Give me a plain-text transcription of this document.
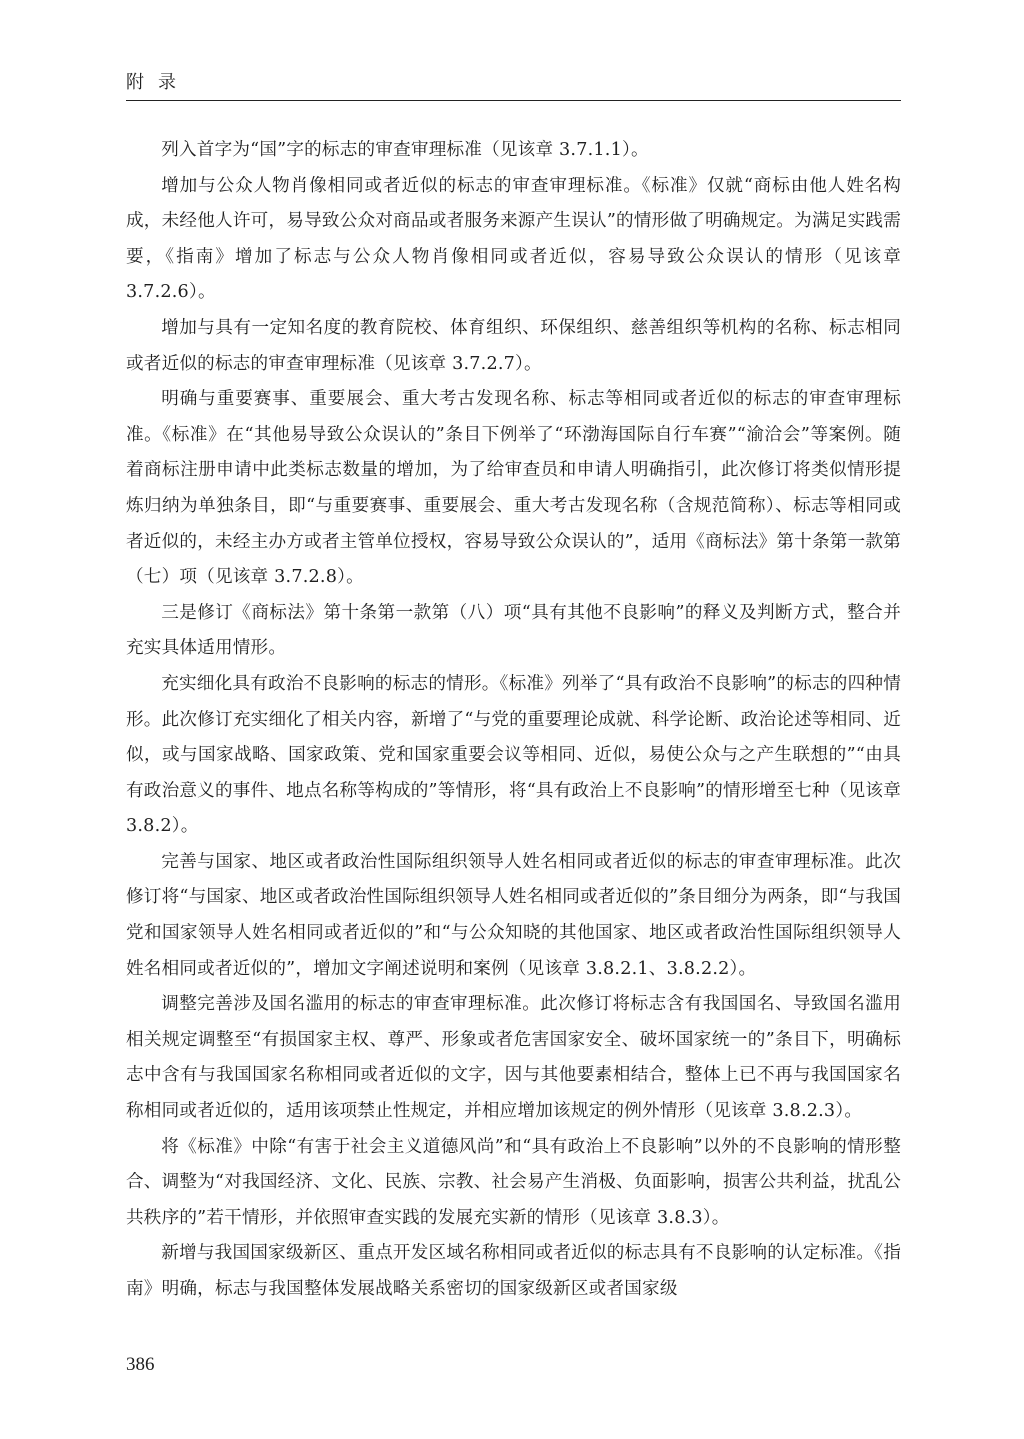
附录

列入首字为“国”字的标志的审查审理标准（见该章 3.7.1.1）。

增加与公众人物肖像相同或者近似的标志的审查审理标准。《标准》仅就“商标由他人姓名构成，未经他人许可，易导致公众对商品或者服务来源产生误认”的情形做了明确规定。为满足实践需要，《指南》增加了标志与公众人物肖像相同或者近似，容易导致公众误认的情形（见该章 3.7.2.6）。

增加与具有一定知名度的教育院校、体育组织、环保组织、慈善组织等机构的名称、标志相同或者近似的标志的审查审理标准（见该章 3.7.2.7）。

明确与重要赛事、重要展会、重大考古发现名称、标志等相同或者近似的标志的审查审理标准。《标准》在“其他易导致公众误认的”条目下例举了“环渤海国际自行车赛”“渝洽会”等案例。随着商标注册申请中此类标志数量的增加，为了给审查员和申请人明确指引，此次修订将类似情形提炼归纳为单独条目，即“与重要赛事、重要展会、重大考古发现名称（含规范简称）、标志等相同或者近似的，未经主办方或者主管单位授权，容易导致公众误认的”，适用《商标法》第十条第一款第（七）项（见该章 3.7.2.8）。

三是修订《商标法》第十条第一款第（八）项“具有其他不良影响”的释义及判断方式，整合并充实具体适用情形。

充实细化具有政治不良影响的标志的情形。《标准》列举了“具有政治不良影响”的标志的四种情形。此次修订充实细化了相关内容，新增了“与党的重要理论成就、科学论断、政治论述等相同、近似，或与国家战略、国家政策、党和国家重要会议等相同、近似，易使公众与之产生联想的”“由具有政治意义的事件、地点名称等构成的”等情形，将“具有政治上不良影响”的情形增至七种（见该章 3.8.2）。

完善与国家、地区或者政治性国际组织领导人姓名相同或者近似的标志的审查审理标准。此次修订将“与国家、地区或者政治性国际组织领导人姓名相同或者近似的”条目细分为两条，即“与我国党和国家领导人姓名相同或者近似的”和“与公众知晓的其他国家、地区或者政治性国际组织领导人姓名相同或者近似的”，增加文字阐述说明和案例（见该章 3.8.2.1、3.8.2.2）。

调整完善涉及国名滥用的标志的审查审理标准。此次修订将标志含有我国国名、导致国名滥用相关规定调整至“有损国家主权、尊严、形象或者危害国家安全、破坏国家统一的”条目下，明确标志中含有与我国国家名称相同或者近似的文字，因与其他要素相结合，整体上已不再与我国国家名称相同或者近似的，适用该项禁止性规定，并相应增加该规定的例外情形（见该章 3.8.2.3）。

将《标准》中除“有害于社会主义道德风尚”和“具有政治上不良影响”以外的不良影响的情形整合、调整为“对我国经济、文化、民族、宗教、社会易产生消极、负面影响，损害公共利益，扰乱公共秩序的”若干情形，并依照审查实践的发展充实新的情形（见该章 3.8.3）。

新增与我国国家级新区、重点开发区域名称相同或者近似的标志具有不良影响的认定标准。《指南》明确，标志与我国整体发展战略关系密切的国家级新区或者国家级

386
